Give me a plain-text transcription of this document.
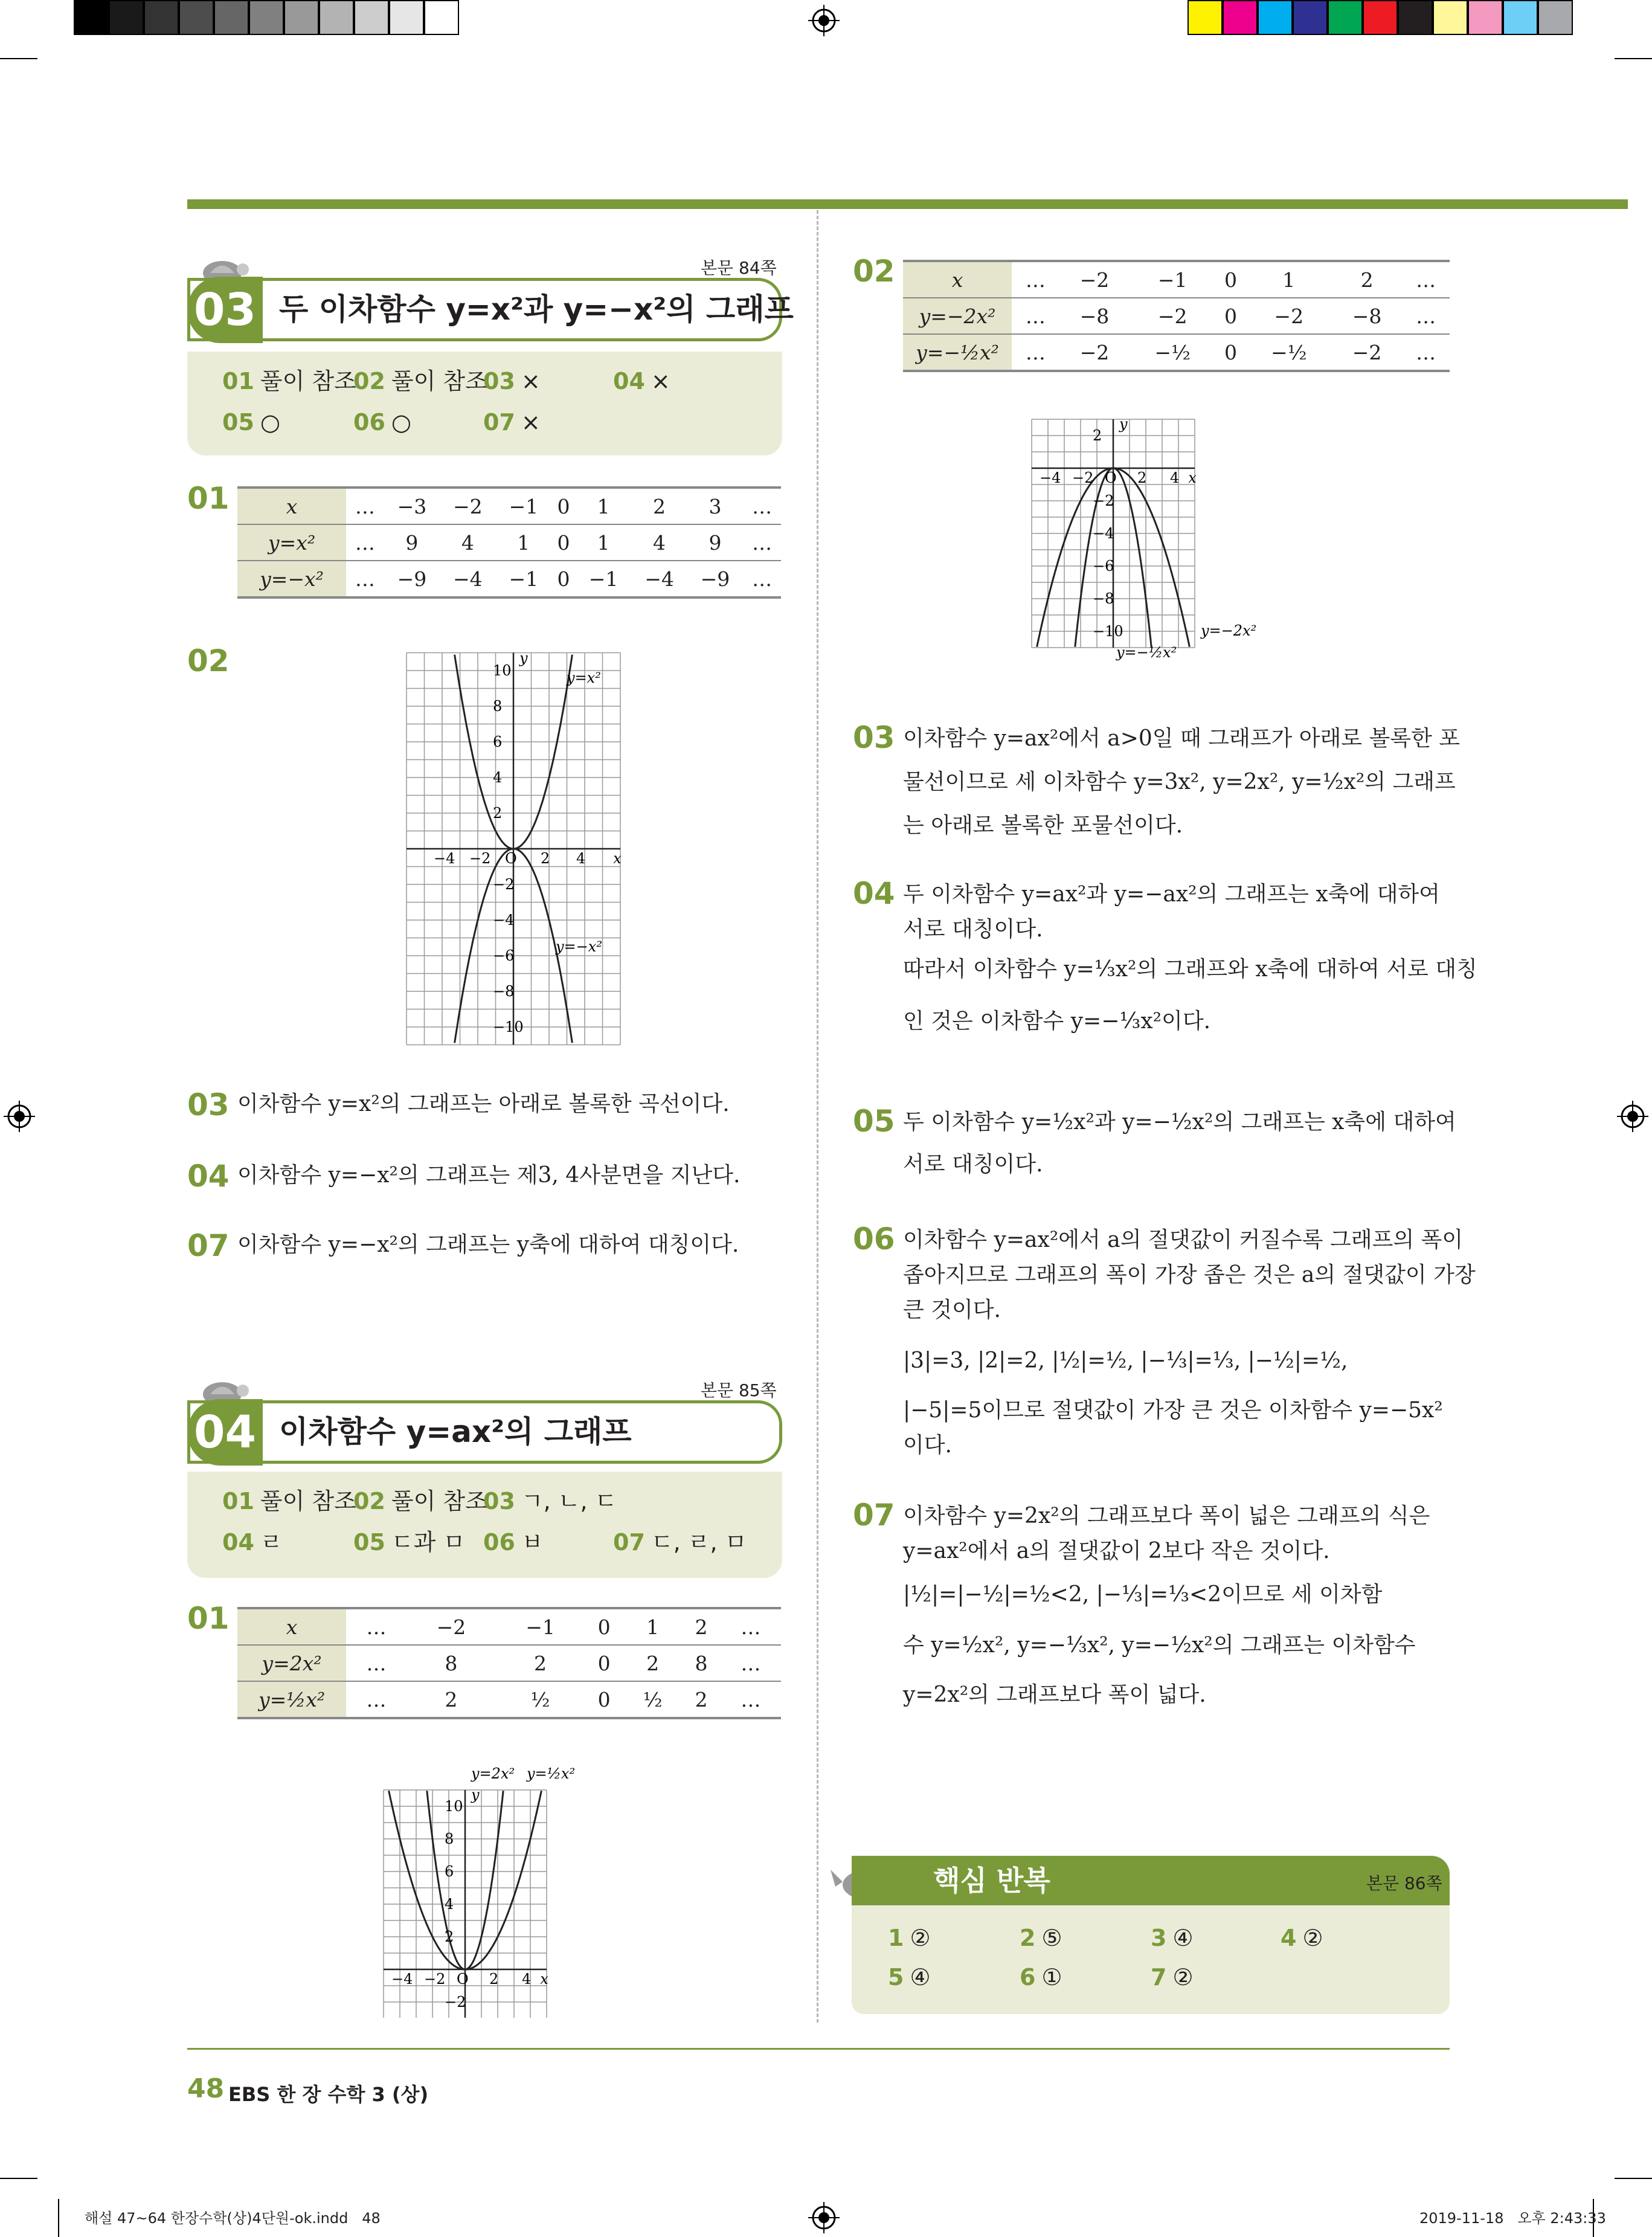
본문 84쪽
03 두 이차함수 y=x²과 y=−x²의 그래프
01 풀이 참조
02 풀이 참조
03 ×	04 ×
05 ○	06 ○	07 ×
01	x	…	−3	−2	−1	0	1	2	3	…
y=x²	…	9	4	1	0	1	4	9	…
y=−x²	…	−9	−4	−1	0	−1	−4	−9	…
02
−4 −2 O 2 4 x
10
8
6
4
2
y
−2
−4
−6
−8
−10
y=x²
y=−x²
03 이차함수 y=x²의 그래프는 아래로 볼록한 곡선이다.
04 이차함수 y=−x²의 그래프는 제3, 4사분면을 지난다.
07 이차함수 y=−x²의 그래프는 y축에 대하여 대칭이다.
본문 85쪽
04 이차함수 y=ax²의 그래프
01 풀이 참조
02 풀이 참조
03 ㄱ, ㄴ, ㄷ
04 ㄹ	05 ㄷ과 ㅁ 06 ㅂ	07 ㄷ, ㄹ, ㅁ
01	x	…	−2	−1	0	1	2	…
y=2x²	…	8	2	0	2	8	…
y=½x²	…	2	½	0	½	2	…
−4 −2 O 2 4 x
10
8
6
4
2
y
−2
y=2x² y=½x²
02	x	…	−2	−1	0	1	2	…
y=−2x²	…	−8	−2	0	−2	−8	…
y=−½x²	…	−2	−½	0	−½	−2	…
−4 −2 O 2 4 x
2
y
−2
−4
−6
−8
−10	y=−2x²
y=−½x²
03 이차함수 y=ax²에서 a>0일 때 그래프가 아래로 볼록한 포
물선이므로 세 이차함수 y=3x², y=2x², y=½x²의 그래프
는 아래로 볼록한 포물선이다.
04 두 이차함수 y=ax²과 y=−ax²의 그래프는 x축에 대하여
서로 대칭이다.
따라서 이차함수 y=⅓x²의 그래프와 x축에 대하여 서로 대칭
인 것은 이차함수 y=−⅓x²이다.
05 두 이차함수 y=½x²과 y=−½x²의 그래프는 x축에 대하여
서로 대칭이다.
06 이차함수 y=ax²에서 a의 절댓값이 커질수록 그래프의 폭이
좁아지므로 그래프의 폭이 가장 좁은 것은 a의 절댓값이 가장
큰 것이다.
|3|=3, |2|=2, |½|=½, |−⅓|=⅓, |−½|=½,
|−5|=5이므로 절댓값이 가장 큰 것은 이차함수 y=−5x²
이다.
07 이차함수 y=2x²의 그래프보다 폭이 넓은 그래프의 식은
y=ax²에서 a의 절댓값이 2보다 작은 것이다.
|½|=|−½|=½<2, |−⅓|=⅓<2이므로 세 이차함
수 y=½x², y=−⅓x², y=−½x²의 그래프는 이차함수
y=2x²의 그래프보다 폭이 넓다.
핵심 반복	본문 86쪽
1 ②	2 ⑤	3 ④	4 ②
5 ④	6 ①	7 ②
48 EBS 한 장 수학 3 (상)
해설 47~64 한장수학(상)4단원-ok.indd   48	2019-11-18   오후 2:43:33
